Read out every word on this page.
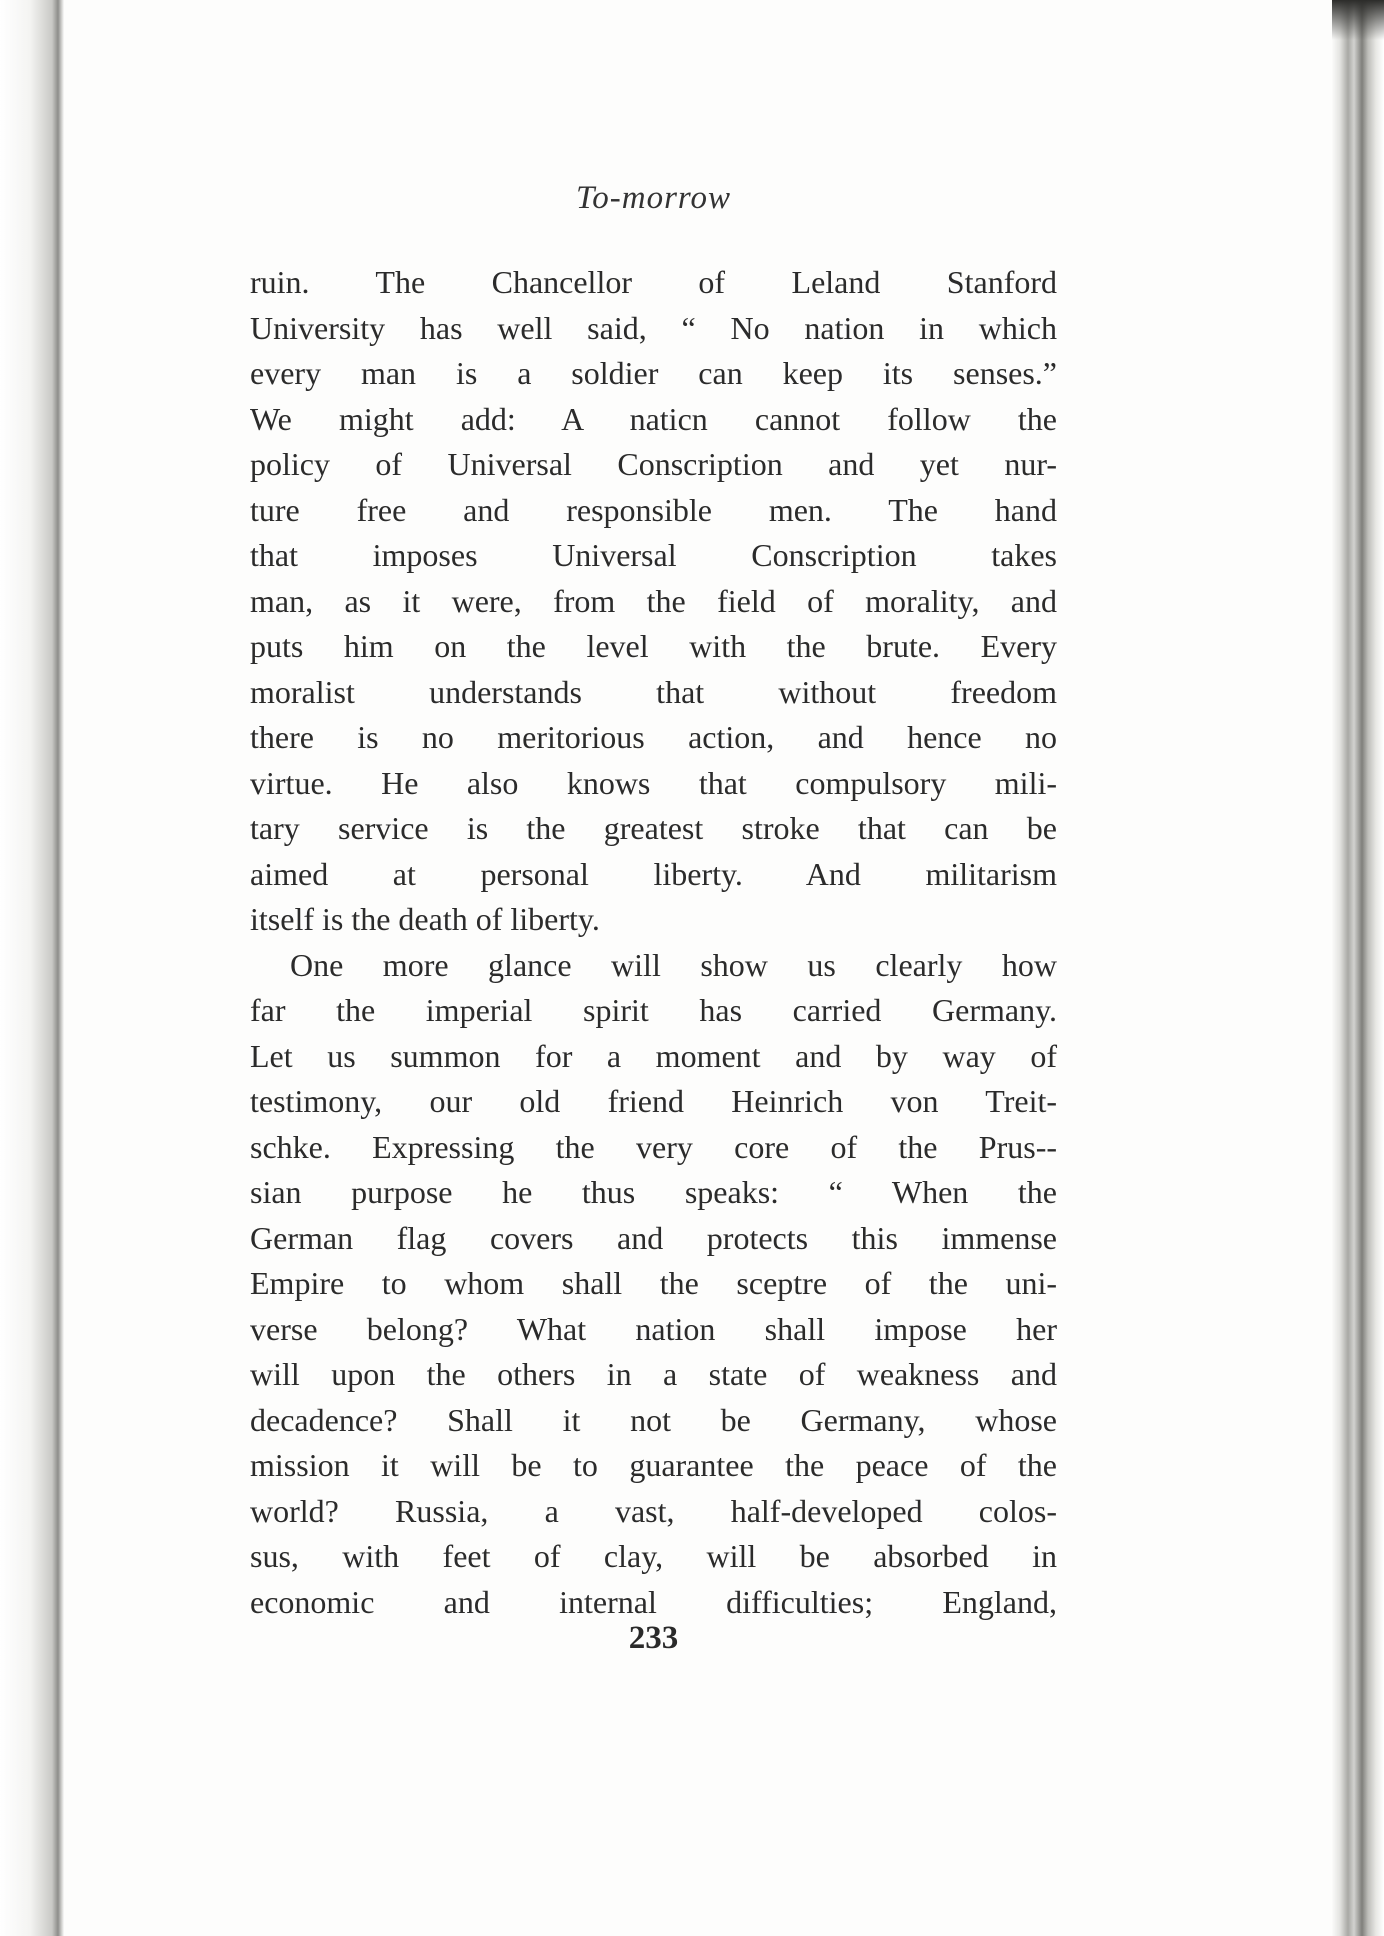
To-morrow
ruin. The Chancellor of Leland Stanford
University has well said, “ No nation in which
every man is a soldier can keep its senses.”
We might add: A naticn cannot follow the
policy of Universal Conscription and yet nur-
ture free and responsible men. The hand
that imposes Universal Conscription takes
man, as it were, from the field of morality, and
puts him on the level with the brute. Every
moralist understands that without freedom
there is no meritorious action, and hence no
virtue. He also knows that compulsory mili-
tary service is the greatest stroke that can be
aimed at personal liberty. And militarism
itself is the death of liberty.
One more glance will show us clearly how
far the imperial spirit has carried Germany.
Let us summon for a moment and by way of
testimony, our old friend Heinrich von Treit-
schke. Expressing the very core of the Prus--
sian purpose he thus speaks: “ When the
German flag covers and protects this immense
Empire to whom shall the sceptre of the uni-
verse belong? What nation shall impose her
will upon the others in a state of weakness and
decadence? Shall it not be Germany, whose
mission it will be to guarantee the peace of the
world? Russia, a vast, half-developed colos-
sus, with feet of clay, will be absorbed in
economic and internal difficulties; England,
233
